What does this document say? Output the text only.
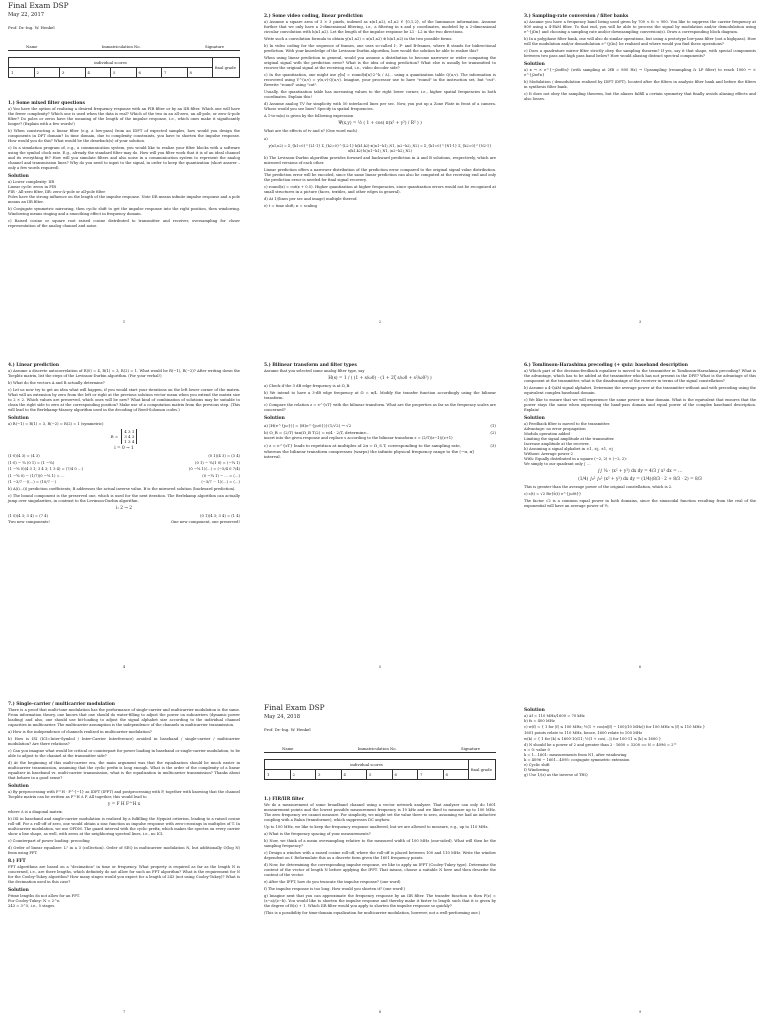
Final Exam DSP
May 22, 2017
Prof. Dr.-Ing. W. Henkel
Name	Immatriculation No.	Signature
individual scores								final grade
1	2	3	4	5	6	7	8	
1.) Some mixed filter questions

a) You have the option of realizing a desired frequency response with an FIR filter or by an IIR filter. Which one will have the fewer complexity? Which one is used when the data is real? Which of the two in an all-zero, an all-pole, or zero-&-pole filter? Do poles or zeros have the meaning of the length of the impulse response, i.e., which ones make it significantly longer? (Explain with a few words!)

b) When constructing a linear filter (e.g. a low-pass) from an IDFT of expected samples, how would you design the components in DFT domain? In time domain, due to complexity constraints, you have to shorten the impulse response. How would you do this? What would be the drawback(s) of your solution.

c) In a simulation program of, e.g., a communication system, you would like to realize your filter blocks with a software using the symbol clock rate. E.g., already the standard filter may do. How will you filter work that it is of an ideal channel and its everything fit? How will you simulate filters and also noise in a communication system to represent the analog channel and transmission lines? Why do you need to input to the signal, in order to keep the quantization (short answer – only a few words required).

Solution

a) Lower complexity: IIR
Linear cycle: zeros in FIR
FIR - All-zero filter, IIR: zero-&-pole or all-pole filter
Poles have the strong influence on the length of the impulse response. Note IIR means infinite impulse response and a pole means an IIR filter.

b) Conjugate symmetric mirroring, then cyclic shift to get the impulse response into the right position, then windowing. Windowing means ringing and a smoothing effect in frequency domain.

c) Raised cosine or square root raised cosine distributed to transmitter and receiver, oversampling for closer representation of the analog channel and noise.

1
2.) Some video coding, linear prediction

a) Assume a square area of 3 × 3 pixels, indexed as x(n1,n2), n1,n2 ∈ {0,1,2}, of the luminance information. Assume further that we only have a 2-dimensional filtering, i.e., a filtering in x and y coordinates, modeled by a 2-dimensional circular convolution with h(n1,n2). Let the length of the impulse response be L1 · L2 in the two directions.

Write such a convolution formula to obtain y(n1,n2) = x(n1,n2) ⊛ h(n1,n2) in the two possible forms.

b) In video coding for the sequence of frames, one uses so-called I-, P- and B-frames, where B stands for bidirectional prediction. With your knowledge of the Levinson-Durbin algorithm, how would the solution be able to realize this?

When using linear prediction in general, would you assume a distribution to become narrower or wider comparing the original signal with the prediction error? What is the idea of using prediction? What else is usually be transmitted to recover the original signal at the receiving end, i.e., video decoder side?

c) In the quantization, one might use y[n] = round(x[n]·2^k / Δ)... using a quantization table Q(u,v). The information is recovered using Y^(u,v) = y(u,v)·Q(u,v). Imagine, your processor use to have "round" in the instruction set, but "cut". Rewrite "round" using "cut".

Usually, the quantization table has increasing values to the right lower corner, i.e., higher spatial frequencies in both coordinates. Explain this!

d) Assume analog TV for simplicity with 50 interlaced lines per sec. Now, you put up a Zone Plate in front of a camera. Whose would you see lines? Specify in spatial frequencies.

A 1-to-m(n) is given by the following expression

Ψ(x,y) = ½ ( 1 + cos( π(x² + y²) / R² ) )

What are the effects of tv and x? (One word each)

a)

y(n1,n2) = Σ_{k1=0}^{L1-1} Σ_{k2=0}^{L2-1} h(k1,k2)·x(⟨n1−k1⟩_N1, ⟨n2−k2⟩_N2) = Σ_{k1=0}^{N1-1} Σ_{k2=0}^{N2-1} x(k1,k2)·h(⟨n1−k1⟩_N1, ⟨n2−k2⟩_N2)

b) The Levinson-Durbin algorithm provides forward and backward prediction in A and B solutions, respectively, which are mirrored versions of each other.

Linear prediction offers a narrower distribution of the prediction error compared to the original signal value distribution. The prediction error will be encoded, since the same linear prediction can also be computed at the receiving end and only the prediction error is needed for final signal recovery.

c) round(x) = cut(x + 0.5). Higher quantization at higher frequencies, since quantization errors would not be recognized at small structures in a picture (faces, textiles, and other edges in general).

d) At 1/(lines per sec and image) multiple thereof.

e) t = time shift; n = scaling

2
3.) Sampling-rate conversion / filter banks

a) Assume you have a frequency band being used given by 700 < fc < 900. You like to suppress the carrier frequency at 800 using a 4-PAM filter. To that end, you will be able to process the signal by modulation and/or demodulation using e^{jΩn} and choosing a sampling rate and/or downsampling conversion(s). Draw a corresponding block diagram.

b) In a polyphase filter bank, one will also do similar operations, but using a prototype low-pass filter (not a highpass). How will the modulation and/or demodulation e^{jΩn} be realized and where would you find these operations?

c) Does a quadrature mirror filter strictly obey the sampling theorem? If yes, say it that shape, with special components between two pass and high pass band below? How would aliasing distract spectral components?

Solution

a) x → × e^{−j2πf0n} (with sampling at 2fB = 800 Hz) → Upsampling (resampling & LP filter) to reach 1000 → × e^{j2πf'n}

b) Modulation / demodulation realized by IDFT (DFT), located after the filters in analysis filter bank and before the filters in synthesis filter bank.

c) It does not obey the sampling theorem, but the aliases fulfill a certain symmetry that finally avoids aliasing effects and also losses.

3
4.) Linear prediction

a) Assume a discrete autocorrelation of R(0) = 4, R(1) = 3, R(2) = 1. What would be R(−1), R(−2)? After writing down the Toeplitz matrix, list the steps of the Levinson-Durbin algorithm. (For your verbal!)

b) What do the vectors A and B actually determine?

c) Let us now try to get an idea what will happen, if you would start your iterations on the left lower corner of the matrix. What will an extension by zero from the left or right at the previous solution vector mean when you extend the matrix size to 2 × 2. Which values are preserved, which ones will be new? What kind of combination of solutions may be suitable to clean the right side to zero at the corresponding position? Make use of a computation matrix from the previous step. (This will lead to the Berlekamp-Massey algorithm used in the decoding of Reed-Solomon codes.)

Solution

a) R(−1) = R(1) = 3, R(−2) = R(2) = 1 (symmetric)

R =
4 3 1
3 4 3
1 3 4
i = 0 → 1
(1·0)(4 3) = (4 3)	(0 1)(4 3) = (3 4)
(1·0) − ¾ (0 1) = (1 −¾)	(0 1) − ¾(1 0) = (−¾ 1)
(1 −¾ 0)(4 3 1; 3 4 3; 1 3 4) = (7/4 0 …)	(0 −¾ 1)(…) = (−5/4 0 7/4)
(1 −¾ 0) − (1/7)(0 −¾ 1) = …	(0 −¾ 1) − … = (…)
(1 −3/7 ···)(…) = (10/7 ···)	(−3/7 ··· 1)(…) = (…)

b) A(i)...(i) prediction coefficients; B addresses the actual inverse value. B is the mirrored solution (backward prediction).

c) The bound component is the preserved one, which is used for the next iteration. The Berlekamp algorithm can actually jump over singularities, in contrast to the Levinson-Durbin algorithm.

i: 2 → 2
(1 0)(4 3; 3 4) = (7 4)	(0 1)(4 3; 3 4) = (1 4)
Two new components!	One new component, one preserved!
4
5.) Bilinear transform and filter types

Assume that you selected some analog filter type, say

H(s) = 1 / ( (1 + s/ω0) · (1 + 2ζ s/ω0 + s²/ω0²) )

a) Check if the 3 dB edge frequency is at Ω_B.

b) We intend to have a 3-dB edge frequency at Ω = π/4. Modify the transfer function accordingly using the bilinear transform.

c) Compare the relation z = e^{sT} with the bilinear transform. What are the properties as far as the frequency scales are concerned?

Solution
a) |H(e^{jω})| = |H(e^{jω0})|·(1/√2) → √2	(1)
b) Ω_B = (2/T) tan(Ω_B T/2) = π/4 · 2/T, determine...	(2)

insert into the given response and replace s according to the bilinear transform s = (2/T)(z−1)/(z+1)

c) z = e^{sT} leads to repetition at multiples of 2π = Ω_S T, corresponding to the sampling rate, whereas the bilinear transform compresses (warps) the infinite physical frequency range to the (−π, π] interval.
(3)
5
6.) Tomlinson-Harashima precoding (+ quiz: baseband description

a) Which part of the decision-feedback equalizer is moved to the transmitter in Tomlinson-Harashima precoding? What is the advantage, which has to be added at the transmitter which has not present in the DFE? What is the advantage of this component at the transmitter, what is the disadvantage of the receiver in terms of the signal constellation?

b) Assume a 4-QAM signal alphabet. Determine the average power at the transmitter without and with precoding using the equivalent complex baseband domain.

c) We like to ensure that we will experience the same power in time domain. What is the equivalent that ensures that the power stays the same when expressing the band-pass domain and equal power of the complex baseband description. Explain!

Solution
a) Feedback filter is moved to the transmitter.
Advantage: no error propagation
Modulo operation added
Limiting the signal amplitude at the transmitter.
Increase amplitude at the receiver.
b) Assuming a signal alphabet in ±1, ±j, ±1, ±j
Without: Average power 2
With: Equally distributed in a square (−2, 2) × (−2, 2):
We simply to our quadrant only ∫ …
∫∫ ¼ · (x² + y²) dx dy = 4/3 ∫ x² dx = …
(1/4) ∫₀² ∫₀² (x² + y²) dx dy = (1/4)(8/3 · 2 + 8/3 · 2) = 8/3

This is greater than the average power of the original constellation, which is 2.

c) s(t) = √2 Re{s̃(t) e^{jω0t}}

The factor √2 is a common equal power in both domains, since the sinusoidal function resulting from the real of the exponential will have an average power of ½.

6
7.) Single-carrier / multicarrier modulation

There is a proof that multi-tone modulation has the performance of single-carrier and multicarrier modulation is the same. From information theory, one knows that one should do water-filling to adjust the power on subcarriers (dynamic power loading) and also, one should use bit-loading to adjust the signal alphabet size according to the individual channel capacities in multicarrier. The multicarrier assumption is the independence of the channels in multicarrier transmission.

a) How is the independence of channels realized in multicarrier modulation?

b) How is ISI (ICI=Inter-Symbol / Inter-Carrier Interference) avoided in baseband / single-carrier / multicarrier modulation? Are there relations?

c) Can you imagine what would be critical or counterpart for power loading in baseband or single-carrier modulation, to be able to adjust to the channel at the transmitter side?

d) At the beginning of this multi-carrier era, the main argument was that the equalization should be much easier in multicarrier transmission, assuming that the cyclic prefix is long enough. What is the order of the complexity of a linear equalizer in baseband vs. multi-carrier transmission, what is the equalization in multicarrier transmission? Thanks about that behave in a good sense?

Solution

a) By preprocessing with F^H · F^{−1} as IDFT (IFFT) and postprocessing with F, together with knowing that the channel Toeplitz matrix can be written as F^H Λ F. All together, this would lead to

y = F H F^H x

where Λ is a diagonal matrix.

b) ISI in baseband and single-carrier modulation is realized by a fulfilling the Nyquist criterion, leading to a raised cosine roll-off. For a roll-off of zero, one would obtain a sinc function as impulse response with zero-crossings in multiples of T. In multicarrier modulation, we use OFDM. The guard interval with the cyclic prefix, which makes the spectra on every carrier show a line shape, as well, with zeros at the neighboring spectral lines, i.e., no ICI.

c) Counterpart of power loading: precoding

d) Order of linear equalizer: L² in a 3 (collection). Order of SEQ in multicarrier modulation N, but additionally O(log N) from using FFT.

8.) FFT

FFT algorithms are based on a "decimation" in time or frequency. What property is required as far as the length N is concerned, i.e., are there lengths, which definitely do not allow for such an FFT algorithm? What is the requirement for N for the Cooley-Tukey algorithm? How many stages would you expect for a length of 243 (not using Cooley-Tukey)? What is the decimation used in this case?

Solution

Prime lengths do not allow for an FFT.
For Cooley-Tukey: N = 2^n
243 = 3^5, i.e., 5 stages.

7
Final Exam DSP
May 24, 2018
Prof. Dr.-Ing. W. Henkel
Name	Immatriculation No.	Signature
individual scores								final grade
1	2	3	4	5	6	7	8	
1.) FIR/IIR filter

We do a measurement of some broadband channel using a vector network analyzer. That analyzer can only do 1601 measurement points and the lowest possible measurement frequency is 10 kHz and we liked to measure up to 100 MHz. The zero frequency we cannot measure. For simplicity, we might set the value there to zero, assuming we had an inductive coupling with a Balun (transformer), which suppresses DC anyhow.

Up to 100 MHz, we like to keep the frequency response unaltered, but we are allowed to measure, e.g., up to 110 MHz.

a) What is the frequency spacing of your measurements?

b) Now, we think of a mean oversampling relative to the measured width of 100 MHz (one-sided). What will then be the sampling frequency?

c) Design a window with a raised cosine roll-off, where the roll-off is placed between 100 and 110 MHz. Write the window dependent on f. Reformulate this as a discrete form given the 1601 frequency points.

d) Now, for determining the corresponding impulse response, we like to apply an IFFT (Cooley-Tukey type). Determine the content of the vector of length N before applying the IFFT. That means, choose a suitable N here and then describe the content of the vector.

e) After the IFFT, how do you truncate the impulse response? (one word)

f) The impulse response is too long. How would you shorten it? (one word!)

g) Imagine next that you can approximate the frequency response by an IIR filter. The transfer function is then F(z) = (z−a)/(z−b). You would like to shorten the impulse response and thereby make it faster to length such that it is given by the degree of B(z) + 1. Which IIR filter would you apply to shorten the impulse response so quickly?

(This is a possibility for time-domain equalization for multicarrier modulation, however, not a well-performing one.)

8
Solution
a) Δf = 110 MHz/1600 = 70 kHz
b) fs = 400 MHz
c) w(f) = { 1 for |f| ≤ 100 MHz; ½(1 + cos(π(|f| − 100)/10 MHz)) for 100 MHz ≤ |f| ≤ 110 MHz }
1601 points relate to 110 MHz, hence, 1600 relate to 100 MHz
w(k) = { 1 for |k| ≤ 1600·10/11; ½(1 + cos(…)) for 100·11 ≤ |k| ≤ 1600 }
d) N should be a power of 2 and greater than 2 · 1600 = 3200 ⟹ N = 4096 = 2¹²
x = 0: value 0
k = 1...1601: measurements from N1, after windowing
k = 4096 − 1601...4095: conjugate symmetric extension
e) Cyclic shift
f) Windowing
g) Use 1/(z) as the inverse of THQ
9
